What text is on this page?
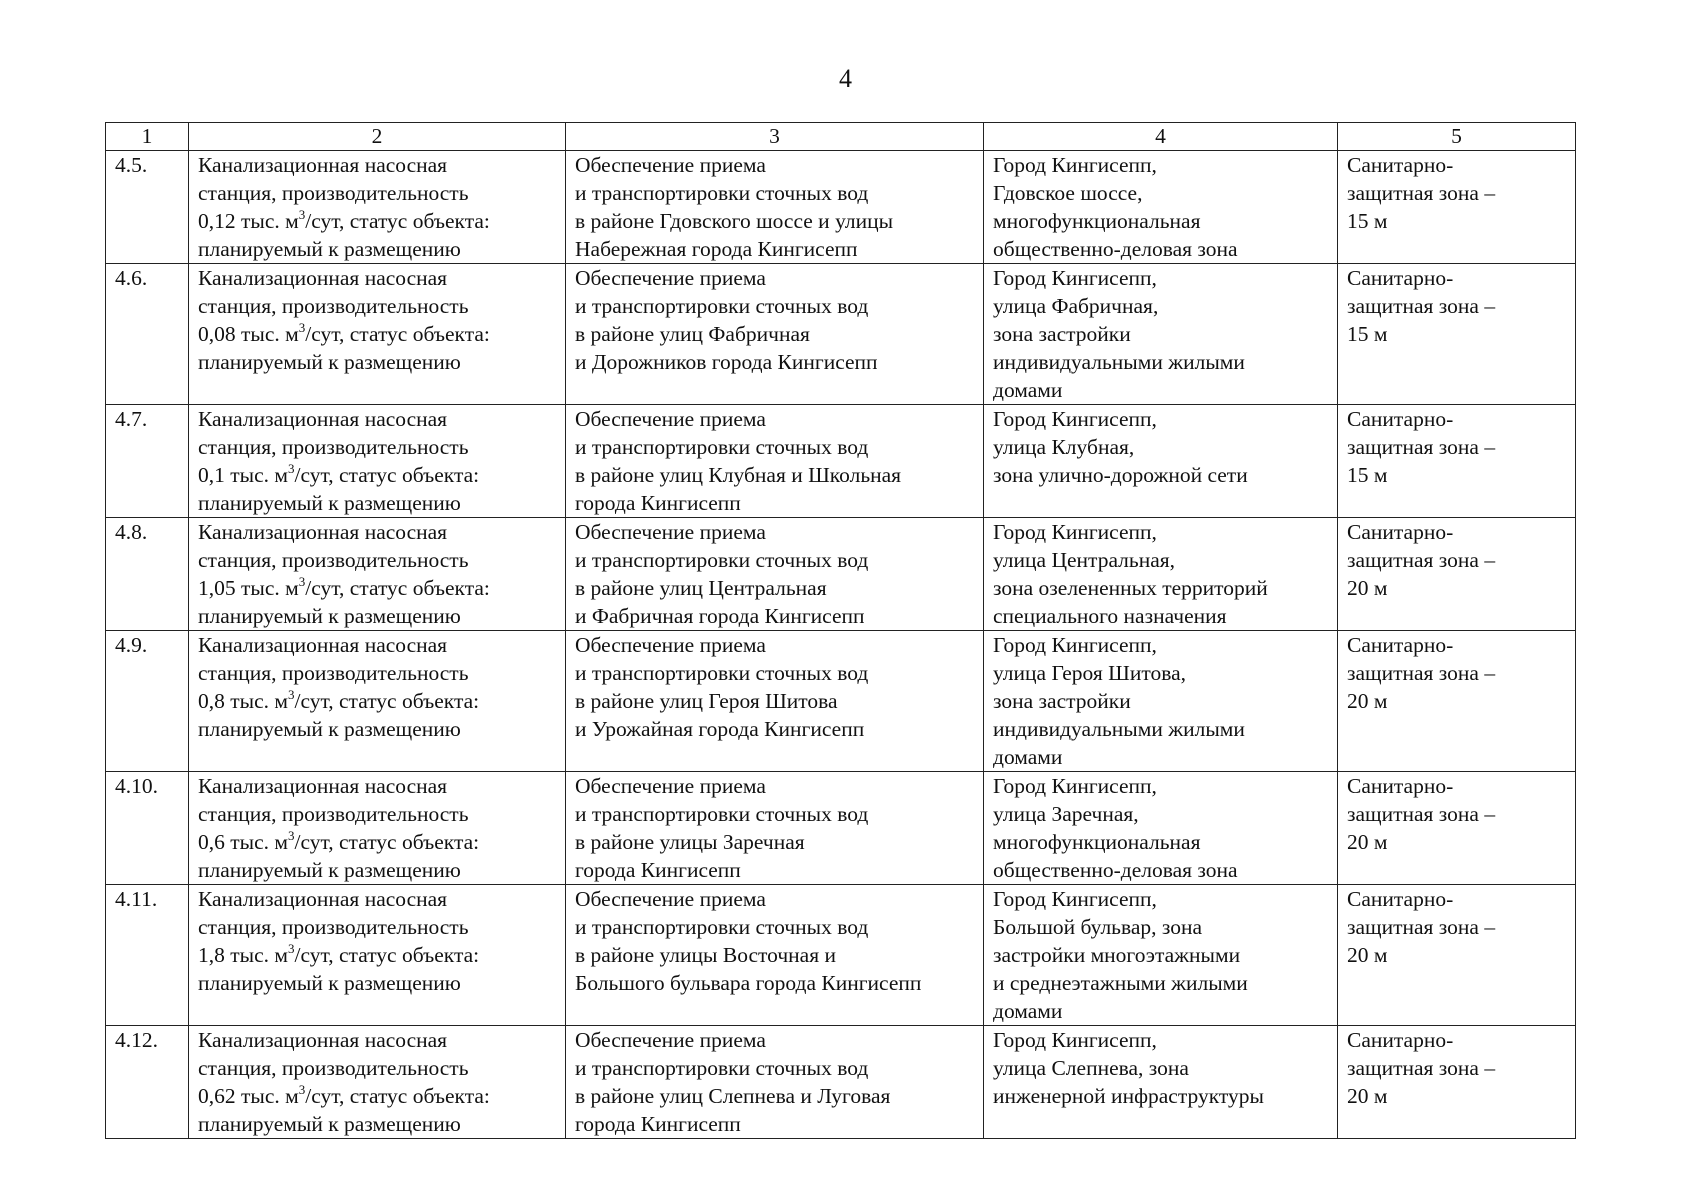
4
1	2	3	4	5

4.5.	Канализационная насосная
станция, производительность
0,12 тыс. $м^3$/сут, статус объекта:
планируемый к размещению	Обеспечение приема
и транспортировки сточных вод
в районе Гдовского шоссе и улицы
Набережная города Кингисепп	Город Кингисепп,
Гдовское шоссе,
многофункциональная
общественно-деловая зона	Санитарно-
защитная зона –
15 м

4.6.	Канализационная насосная
станция, производительность
0,08 тыс. $м^3$/сут, статус объекта:
планируемый к размещению	Обеспечение приема
и транспортировки сточных вод
в районе улиц Фабричная
и Дорожников города Кингисепп	Город Кингисепп,
улица Фабричная,
зона застройки
индивидуальными жилыми
домами	Санитарно-
защитная зона –
15 м

4.7.	Канализационная насосная
станция, производительность
0,1 тыс. $м^3$/сут, статус объекта:
планируемый к размещению	Обеспечение приема
и транспортировки сточных вод
в районе улиц Клубная и Школьная
города Кингисепп	Город Кингисепп,
улица Клубная,
зона улично-дорожной сети	Санитарно-
защитная зона –
15 м

4.8.	Канализационная насосная
станция, производительность
1,05 тыс. $м^3$/сут, статус объекта:
планируемый к размещению	Обеспечение приема
и транспортировки сточных вод
в районе улиц Центральная
и Фабричная города Кингисепп	Город Кингисепп,
улица Центральная,
зона озелененных территорий
специального назначения	Санитарно-
защитная зона –
20 м

4.9.	Канализационная насосная
станция, производительность
0,8 тыс. $м^3$/сут, статус объекта:
планируемый к размещению	Обеспечение приема
и транспортировки сточных вод
в районе улиц Героя Шитова
и Урожайная города Кингисепп	Город Кингисепп,
улица Героя Шитова,
зона застройки
индивидуальными жилыми
домами	Санитарно-
защитная зона –
20 м

4.10.	Канализационная насосная
станция, производительность
0,6 тыс. $м^3$/сут, статус объекта:
планируемый к размещению	Обеспечение приема
и транспортировки сточных вод
в районе улицы Заречная
города Кингисепп	Город Кингисепп,
улица Заречная,
многофункциональная
общественно-деловая зона	Санитарно-
защитная зона –
20 м

4.11.	Канализационная насосная
станция, производительность
1,8 тыс. $м^3$/сут, статус объекта:
планируемый к размещению	Обеспечение приема
и транспортировки сточных вод
в районе улицы Восточная и
Большого бульвара города Кингисепп	Город Кингисепп,
Большой бульвар, зона
застройки многоэтажными
и среднеэтажными жилыми
домами	Санитарно-
защитная зона –
20 м

4.12.	Канализационная насосная
станция, производительность
0,62 тыс. $м^3$/сут, статус объекта:
планируемый к размещению	Обеспечение приема
и транспортировки сточных вод
в районе улиц Слепнева и Луговая
города Кингисепп	Город Кингисепп,
улица Слепнева, зона
инженерной инфраструктуры	Санитарно-
защитная зона –
20 м
